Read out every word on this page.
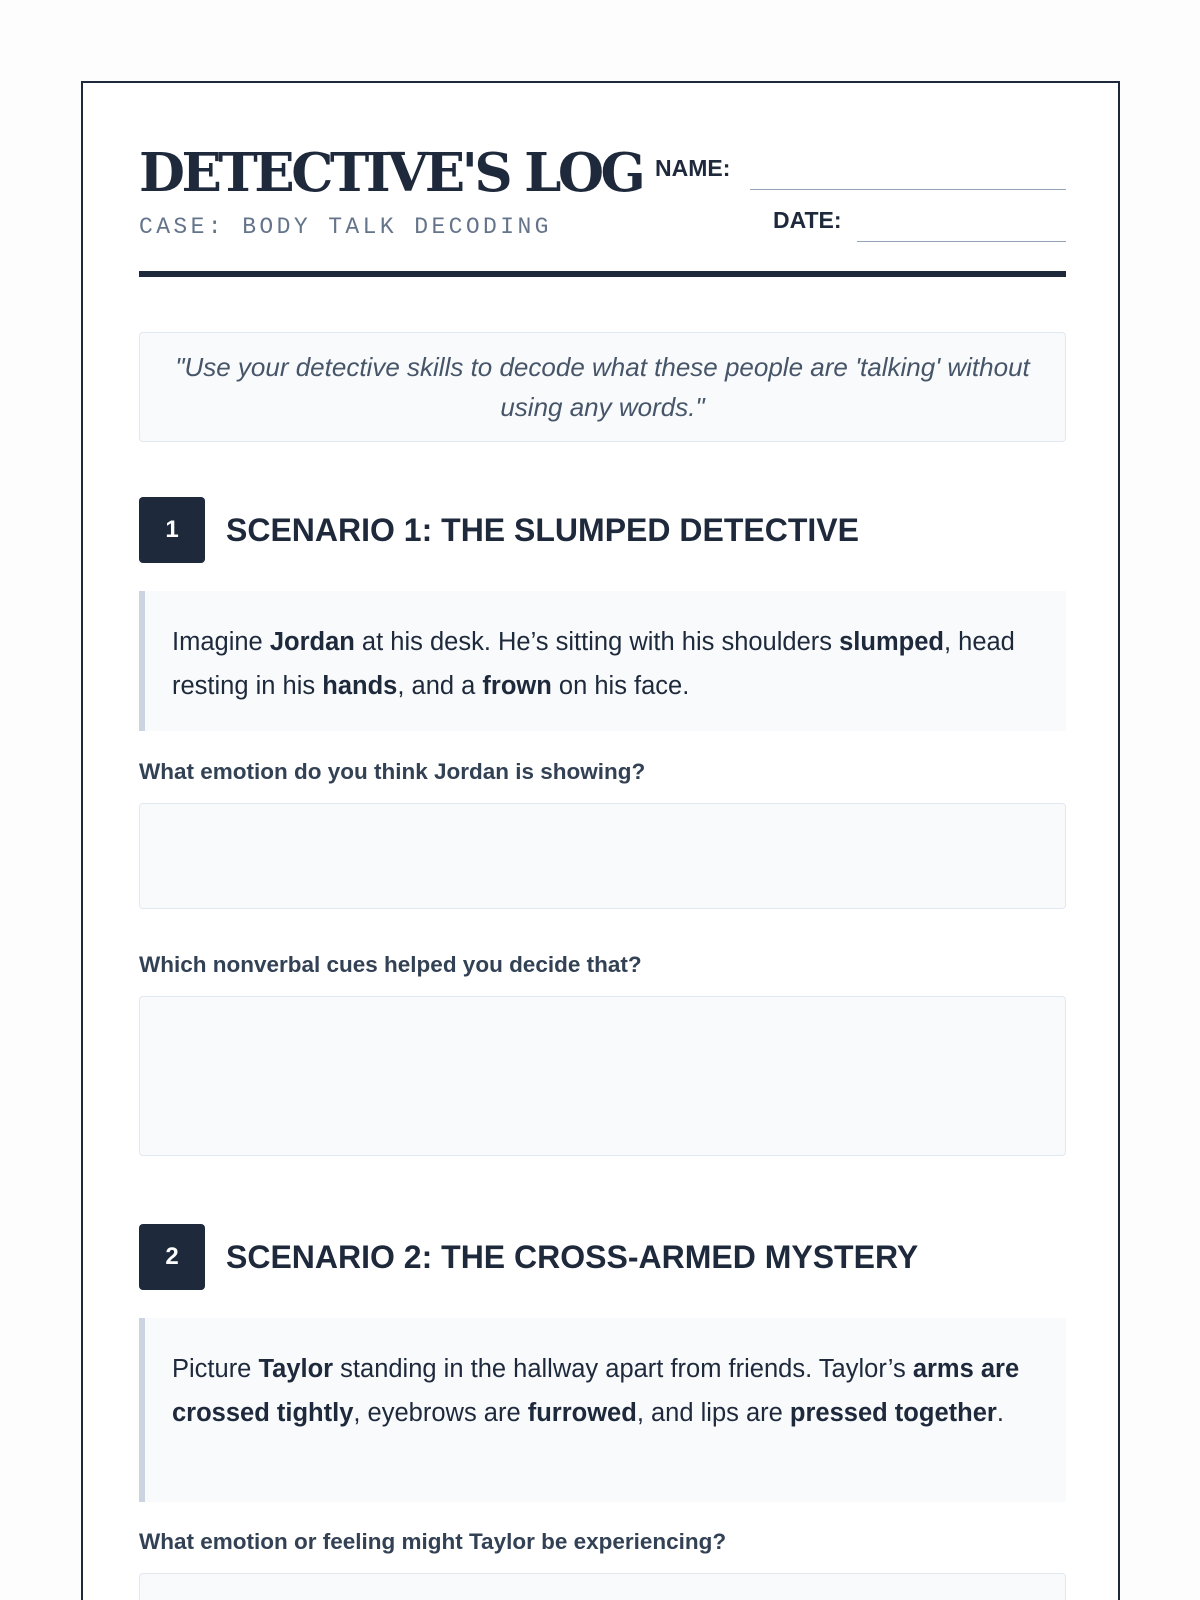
DETECTIVE'S LOG
CASE: BODY TALK DECODING
NAME:
DATE:
"Use your detective skills to decode what these people are 'talking' without using any words."
1	SCENARIO 1: THE SLUMPED DETECTIVE
Imagine Jordan at his desk. He’s sitting with his shoulders slumped, head resting in his hands, and a frown on his face.
What emotion do you think Jordan is showing?
Which nonverbal cues helped you decide that?
2	SCENARIO 2: THE CROSS-ARMED MYSTERY
Picture Taylor standing in the hallway apart from friends. Taylor’s arms are crossed tightly, eyebrows are furrowed, and lips are pressed together.
What emotion or feeling might Taylor be experiencing?
